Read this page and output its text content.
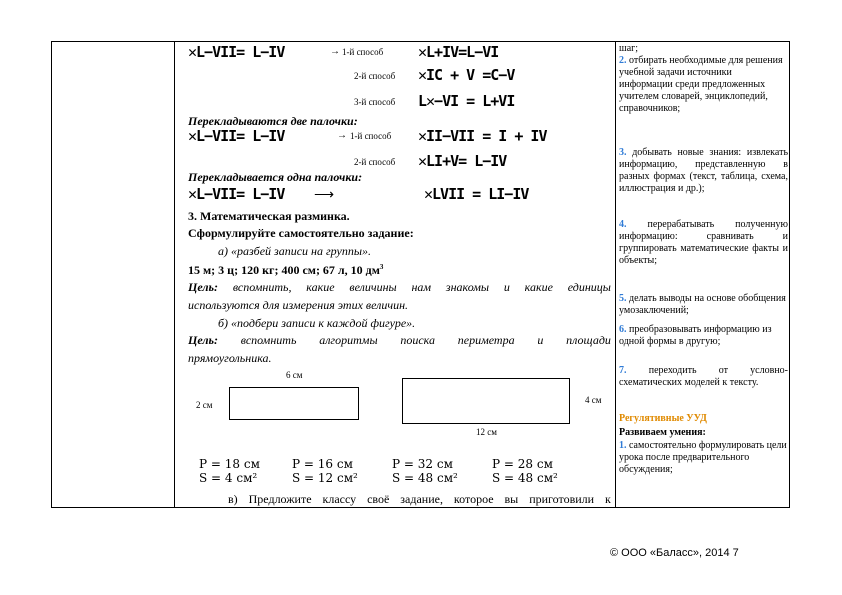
✕L−VII= L−IV	→ 1-й способ ✕L+IV=L−VI
2-й способ ✕IC + V =C−V
3-й способ L✕−VI = L+VI
Перекладываются две палочки:
✕L−VII= L−IV	→ 1-й способ ✕II−VII = I + IV
2-й способ ✕LI+V= L−IV
Перекладывается одна палочки:
✕L−VII= L−IV ⟶	✕LVII = LI−IV
3. Математическая разминка.
Сформулируйте самостоятельно задание:
а) «разбей записи на группы».
15 м; 3 ц; 120 кг; 400 см; 67 л, 10 $дм^3$
Цель: вспомнить, какие величины нам знакомы и какие единицы
используются для измерения этих величин.
б) «подбери записи к каждой фигуре».
Цель: вспомнить алгоритмы поиска периметра и площади
прямоугольника.
6 см
2 см	4 см
12 см
Р = 18 см
S = 4 см²
Р = 16 см
S = 12 см²
Р = 32 см
S = 48 см²
Р = 28 см
S = 48 см²
в) Предложите классу своё задание, которое вы приготовили к
шаг;
2. отбирать необходимые для решения учебной задачи источники информации среди предложенных учителем словарей, энциклопедий, справочников;
3. добывать новые знания: извлекать информацию, представленную в разных формах (текст, таблица, схема, иллюстрация и др.);
4. перерабатывать полученную информацию: сравнивать и группировать математические факты и объекты;
5. делать выводы на основе обобщения умозаключений;
6. преобразовывать информацию из одной формы в другую;
7. переходить от условно-схематических моделей к тексту.
Регулятивные УУД
Развиваем умения:
1. самостоятельно формулировать цели урока после предварительного обсуждения;
© ООО «Баласс», 2014 7
